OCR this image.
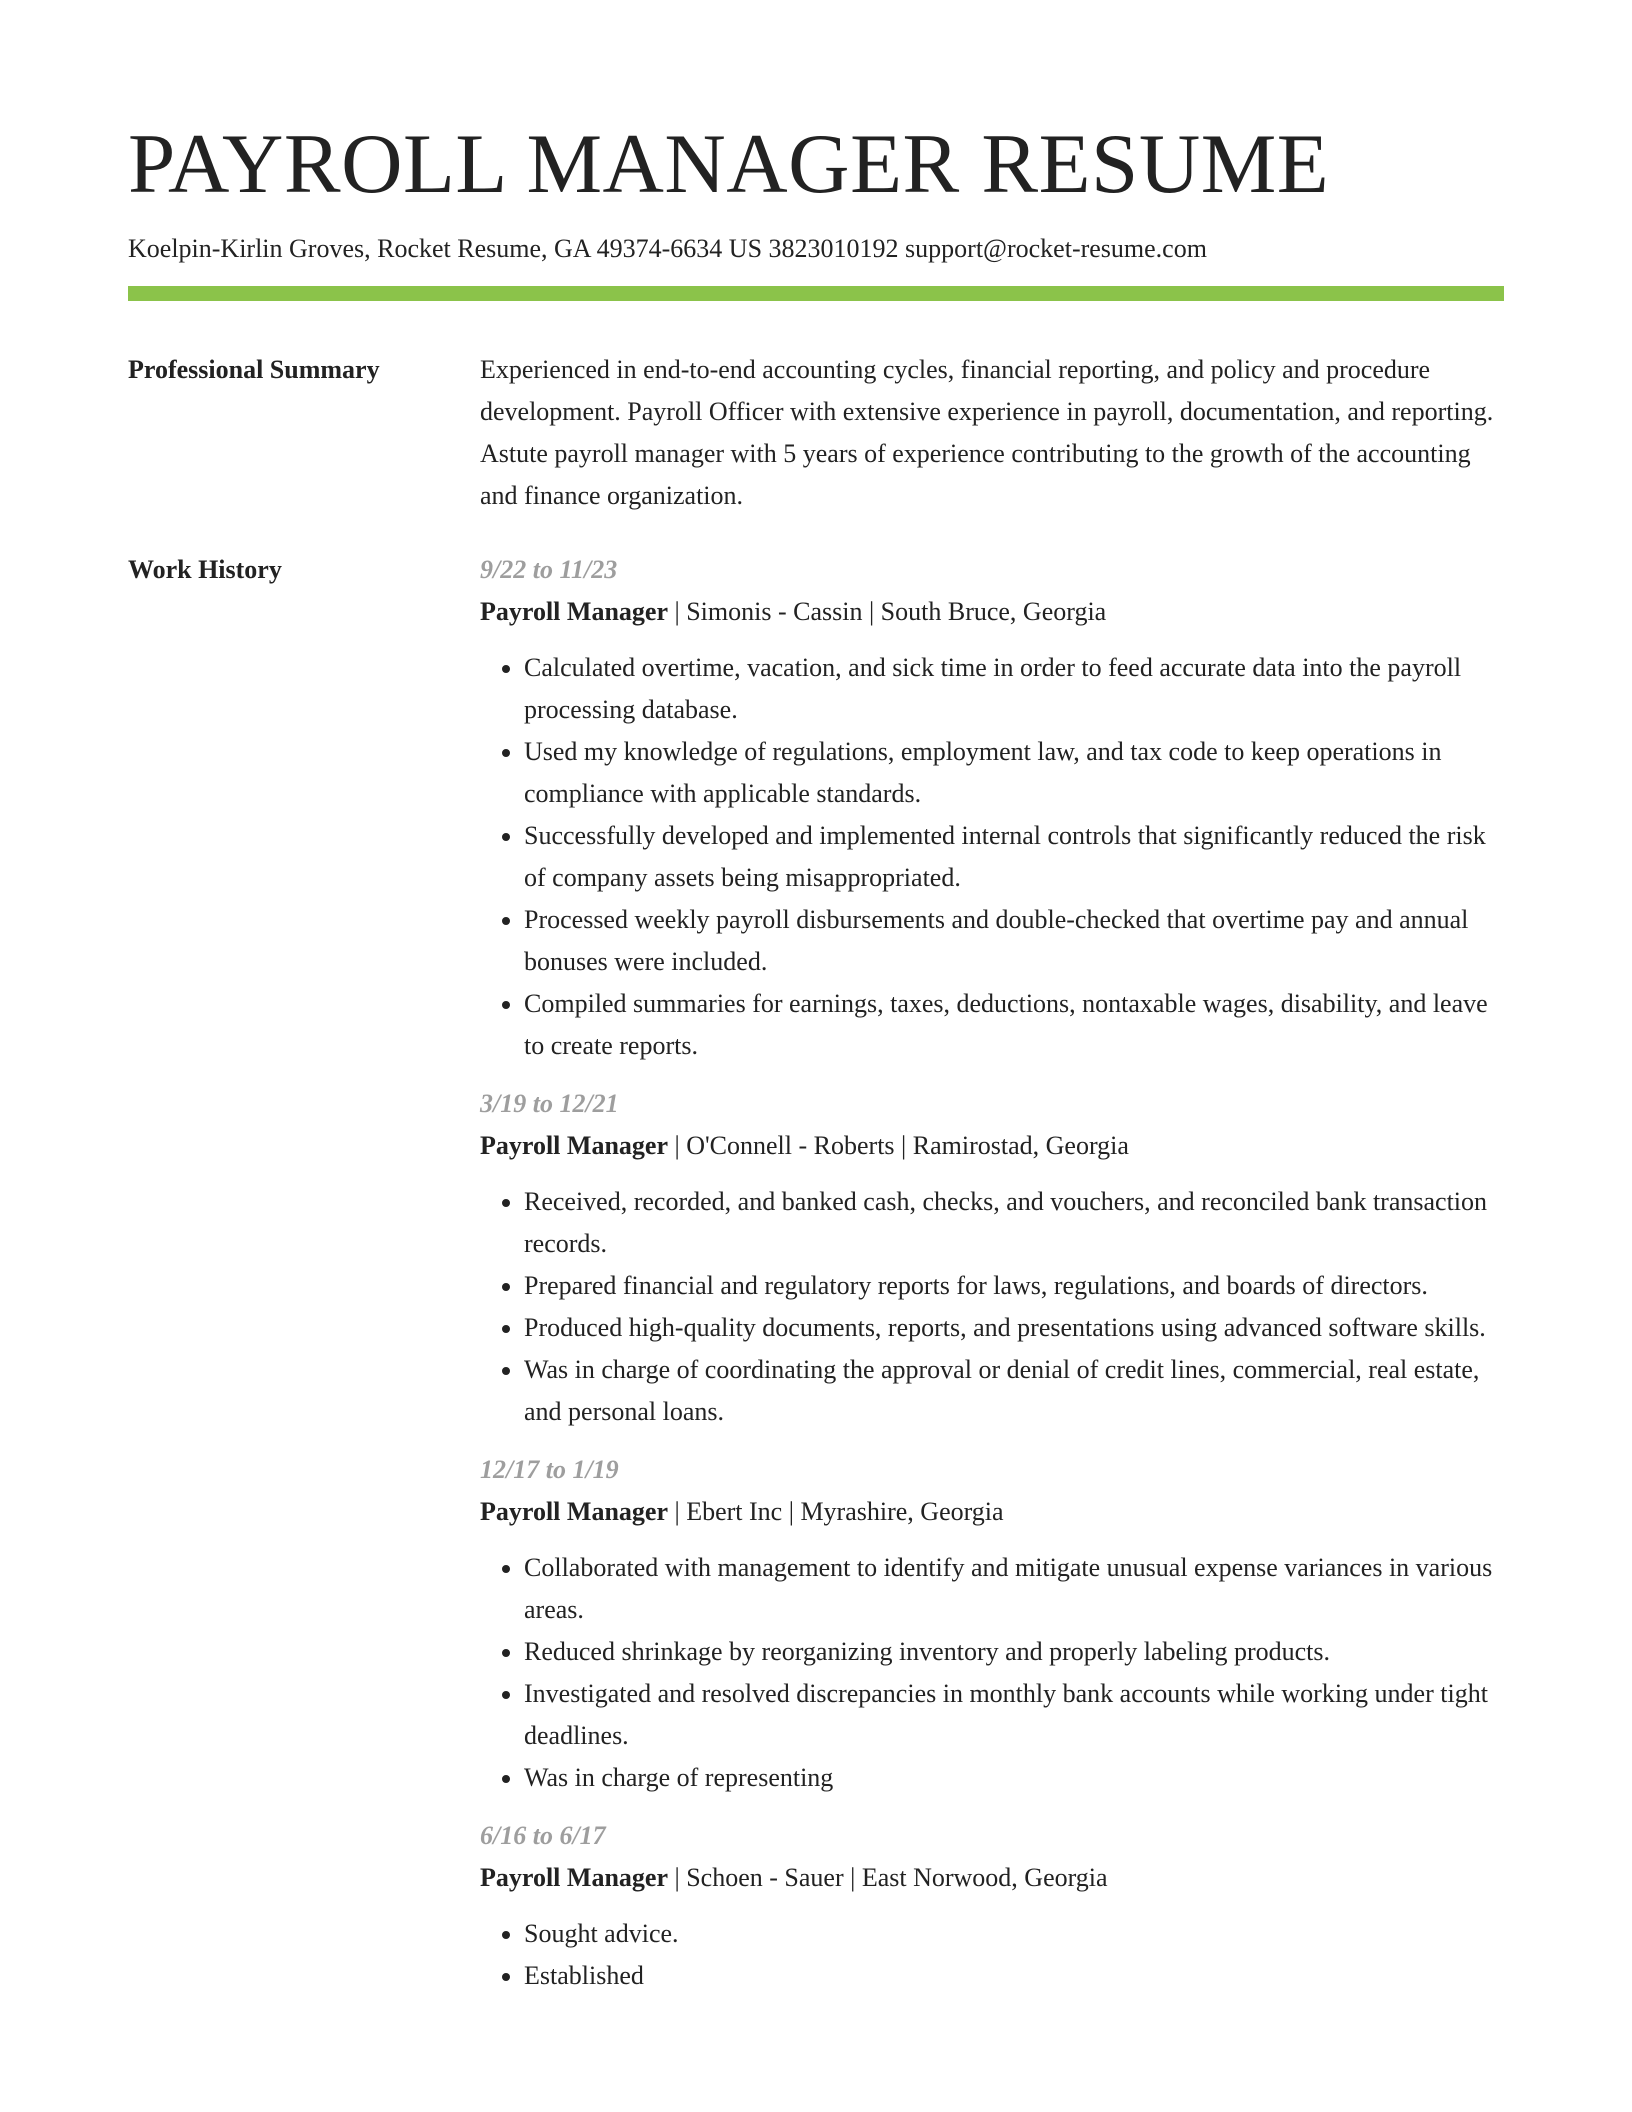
PAYROLL MANAGER RESUME
Koelpin-Kirlin Groves, Rocket Resume, GA 49374-6634 US 3823010192 support@rocket-resume.com
Professional Summary	Experienced in end-to-end accounting cycles, financial reporting, and policy and procedure development. Payroll Officer with extensive experience in payroll, documentation, and reporting. Astute payroll manager with 5 years of experience contributing to the growth of the accounting and finance organization.

Work History	9/22 to 11/23
Payroll Manager | Simonis - Cassin | South Bruce, Georgia
• Calculated overtime, vacation, and sick time in order to feed accurate data into the payroll processing database.
• Used my knowledge of regulations, employment law, and tax code to keep operations in compliance with applicable standards.
• Successfully developed and implemented internal controls that significantly reduced the risk of company assets being misappropriated.
• Processed weekly payroll disbursements and double-checked that overtime pay and annual bonuses were included.
• Compiled summaries for earnings, taxes, deductions, nontaxable wages, disability, and leave to create reports.
3/19 to 12/21
Payroll Manager | O'Connell - Roberts | Ramirostad, Georgia
• Received, recorded, and banked cash, checks, and vouchers, and reconciled bank transaction records.
• Prepared financial and regulatory reports for laws, regulations, and boards of directors.
• Produced high-quality documents, reports, and presentations using advanced software skills.
• Was in charge of coordinating the approval or denial of credit lines, commercial, real estate, and personal loans.
12/17 to 1/19
Payroll Manager | Ebert Inc | Myrashire, Georgia
• Collaborated with management to identify and mitigate unusual expense variances in various areas.
• Reduced shrinkage by reorganizing inventory and properly labeling products.
• Investigated and resolved discrepancies in monthly bank accounts while working under tight deadlines.
• Was in charge of representing
6/16 to 6/17
Payroll Manager | Schoen - Sauer | East Norwood, Georgia
• Sought advice.
• Established
